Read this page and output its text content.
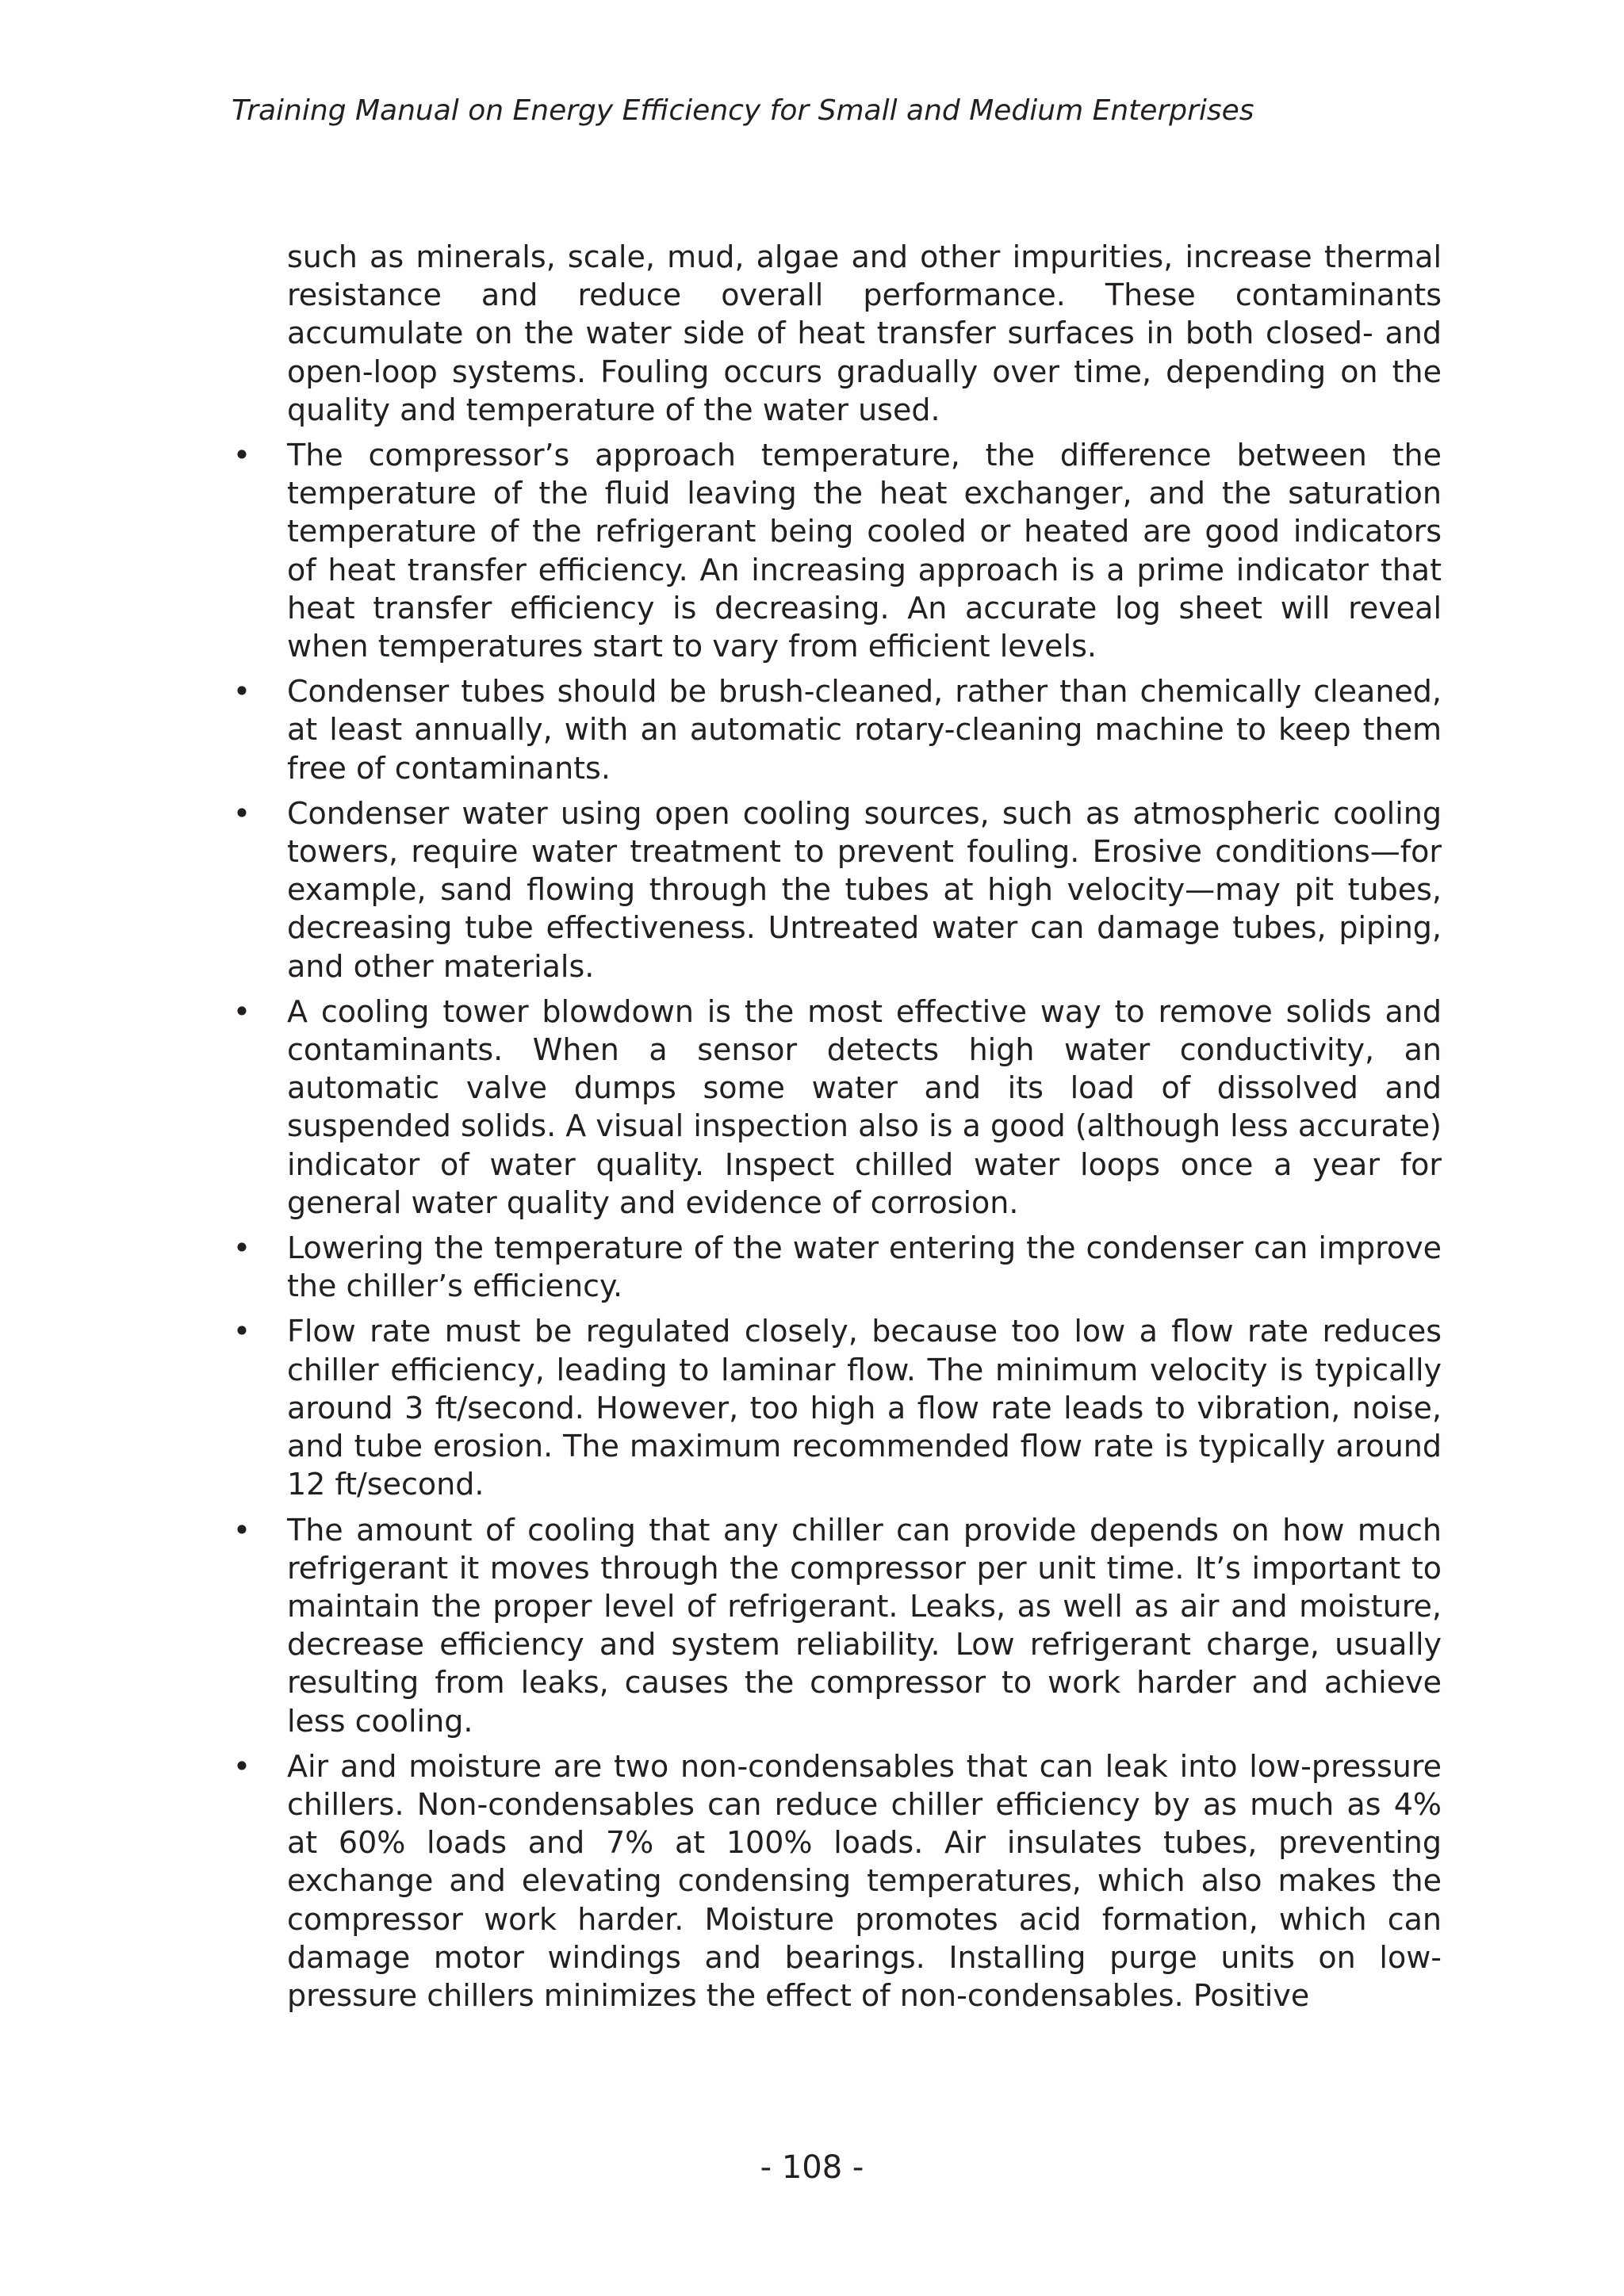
Training Manual on Energy Efficiency for Small and Medium Enterprises

such as minerals, scale, mud, algae and other impurities, increase thermal resistance and reduce overall performance. These contaminants accumulate on the water side of heat transfer surfaces in both closed- and open-loop systems. Fouling occurs gradually over time, depending on the quality and temperature of the water used.

• The compressor’s approach temperature, the difference between the temperature of the fluid leaving the heat exchanger, and the saturation temperature of the refrigerant being cooled or heated are good indicators of heat transfer efficiency. An increasing approach is a prime indicator that heat transfer efficiency is decreasing. An accurate log sheet will reveal when temperatures start to vary from efficient levels.
• Condenser tubes should be brush-cleaned, rather than chemically cleaned, at least annually, with an automatic rotary-cleaning machine to keep them free of contaminants.
• Condenser water using open cooling sources, such as atmospheric cooling towers, require water treatment to prevent fouling. Erosive conditions—for example, sand flowing through the tubes at high velocity—may pit tubes, decreasing tube effectiveness. Untreated water can damage tubes, piping, and other materials.
• A cooling tower blowdown is the most effective way to remove solids and contaminants. When a sensor detects high water conductivity, an automatic valve dumps some water and its load of dissolved and suspended solids. A visual inspection also is a good (although less accurate) indicator of water quality. Inspect chilled water loops once a year for general water quality and evidence of corrosion.
• Lowering the temperature of the water entering the condenser can improve the chiller’s efficiency.
• Flow rate must be regulated closely, because too low a flow rate reduces chiller efficiency, leading to laminar flow. The minimum velocity is typically around 3 ft/second. However, too high a flow rate leads to vibration, noise, and tube erosion. The maximum recommended flow rate is typically around 12 ft/second.
• The amount of cooling that any chiller can provide depends on how much refrigerant it moves through the compressor per unit time. It’s important to maintain the proper level of refrigerant. Leaks, as well as air and moisture, decrease efficiency and system reliability. Low refrigerant charge, usually resulting from leaks, causes the compressor to work harder and achieve less cooling.
• Air and moisture are two non-condensables that can leak into low-pressure chillers. Non-condensables can reduce chiller efficiency by as much as 4% at 60% loads and 7% at 100% loads. Air insulates tubes, preventing exchange and elevating condensing temperatures, which also makes the compressor work harder. Moisture promotes acid formation, which can damage motor windings and bearings. Installing purge units on low-pressure chillers minimizes the effect of non-condensables. Positive
- 108 -
